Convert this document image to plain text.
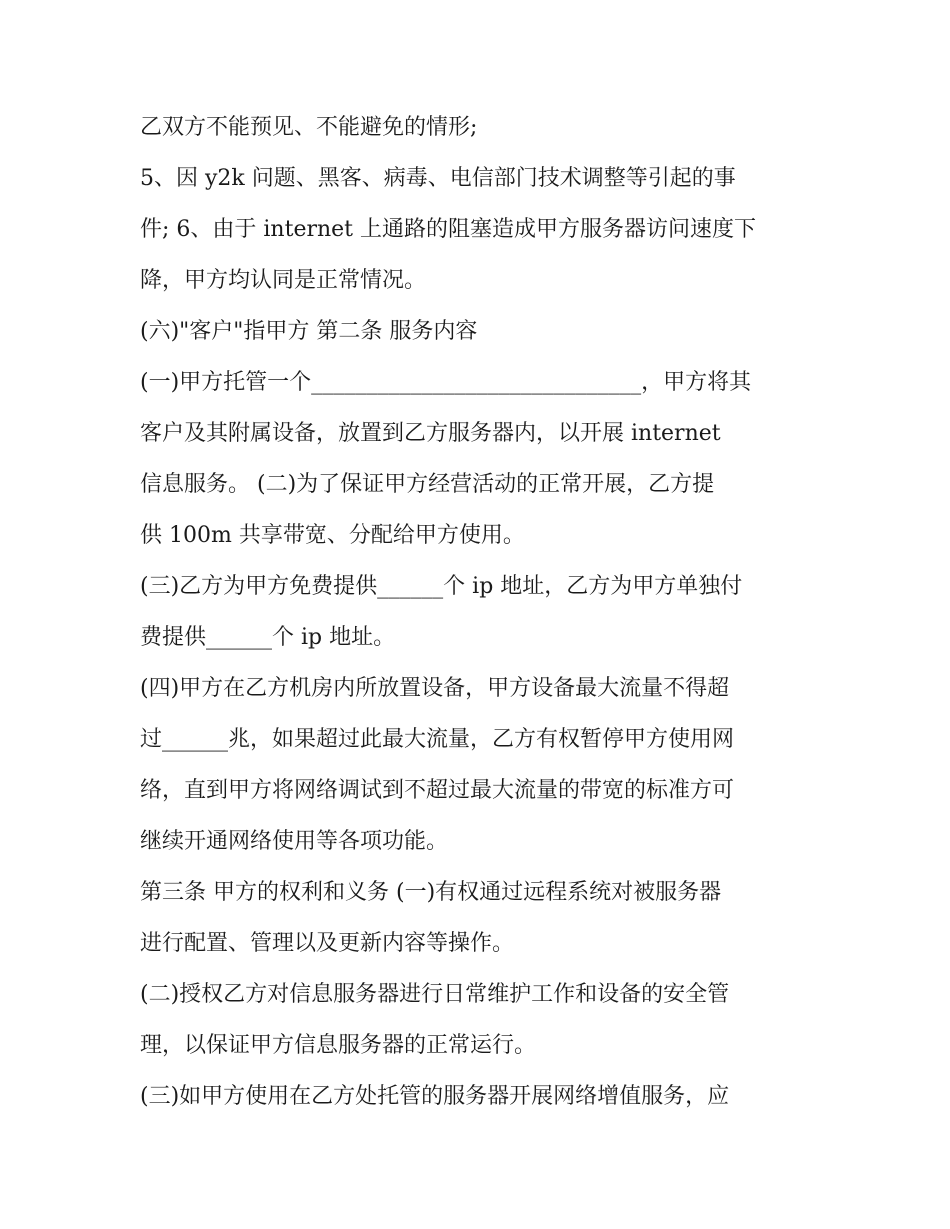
乙双方不能预见、不能避免的情形;

5、因 y2k 问题、黑客、病毒、电信部门技术调整等引起的事

件; 6、由于 internet 上通路的阻塞造成甲方服务器访问速度下

降，甲方均认同是正常情况。

(六)"客户"指甲方 第二条 服务内容

(一)甲方托管一个______________________________，甲方将其

客户及其附属设备，放置到乙方服务器内，以开展 internet

信息服务。 (二)为了保证甲方经营活动的正常开展，乙方提

供 100m 共享带宽、分配给甲方使用。

(三)乙方为甲方免费提供______个 ip 地址，乙方为甲方单独付

费提供______个 ip 地址。

(四)甲方在乙方机房内所放置设备，甲方设备最大流量不得超

过______兆，如果超过此最大流量，乙方有权暂停甲方使用网

络，直到甲方将网络调试到不超过最大流量的带宽的标准方可

继续开通网络使用等各项功能。

第三条 甲方的权利和义务 (一)有权通过远程系统对被服务器

进行配置、管理以及更新内容等操作。

(二)授权乙方对信息服务器进行日常维护工作和设备的安全管

理，以保证甲方信息服务器的正常运行。

(三)如甲方使用在乙方处托管的服务器开展网络增值服务，应
